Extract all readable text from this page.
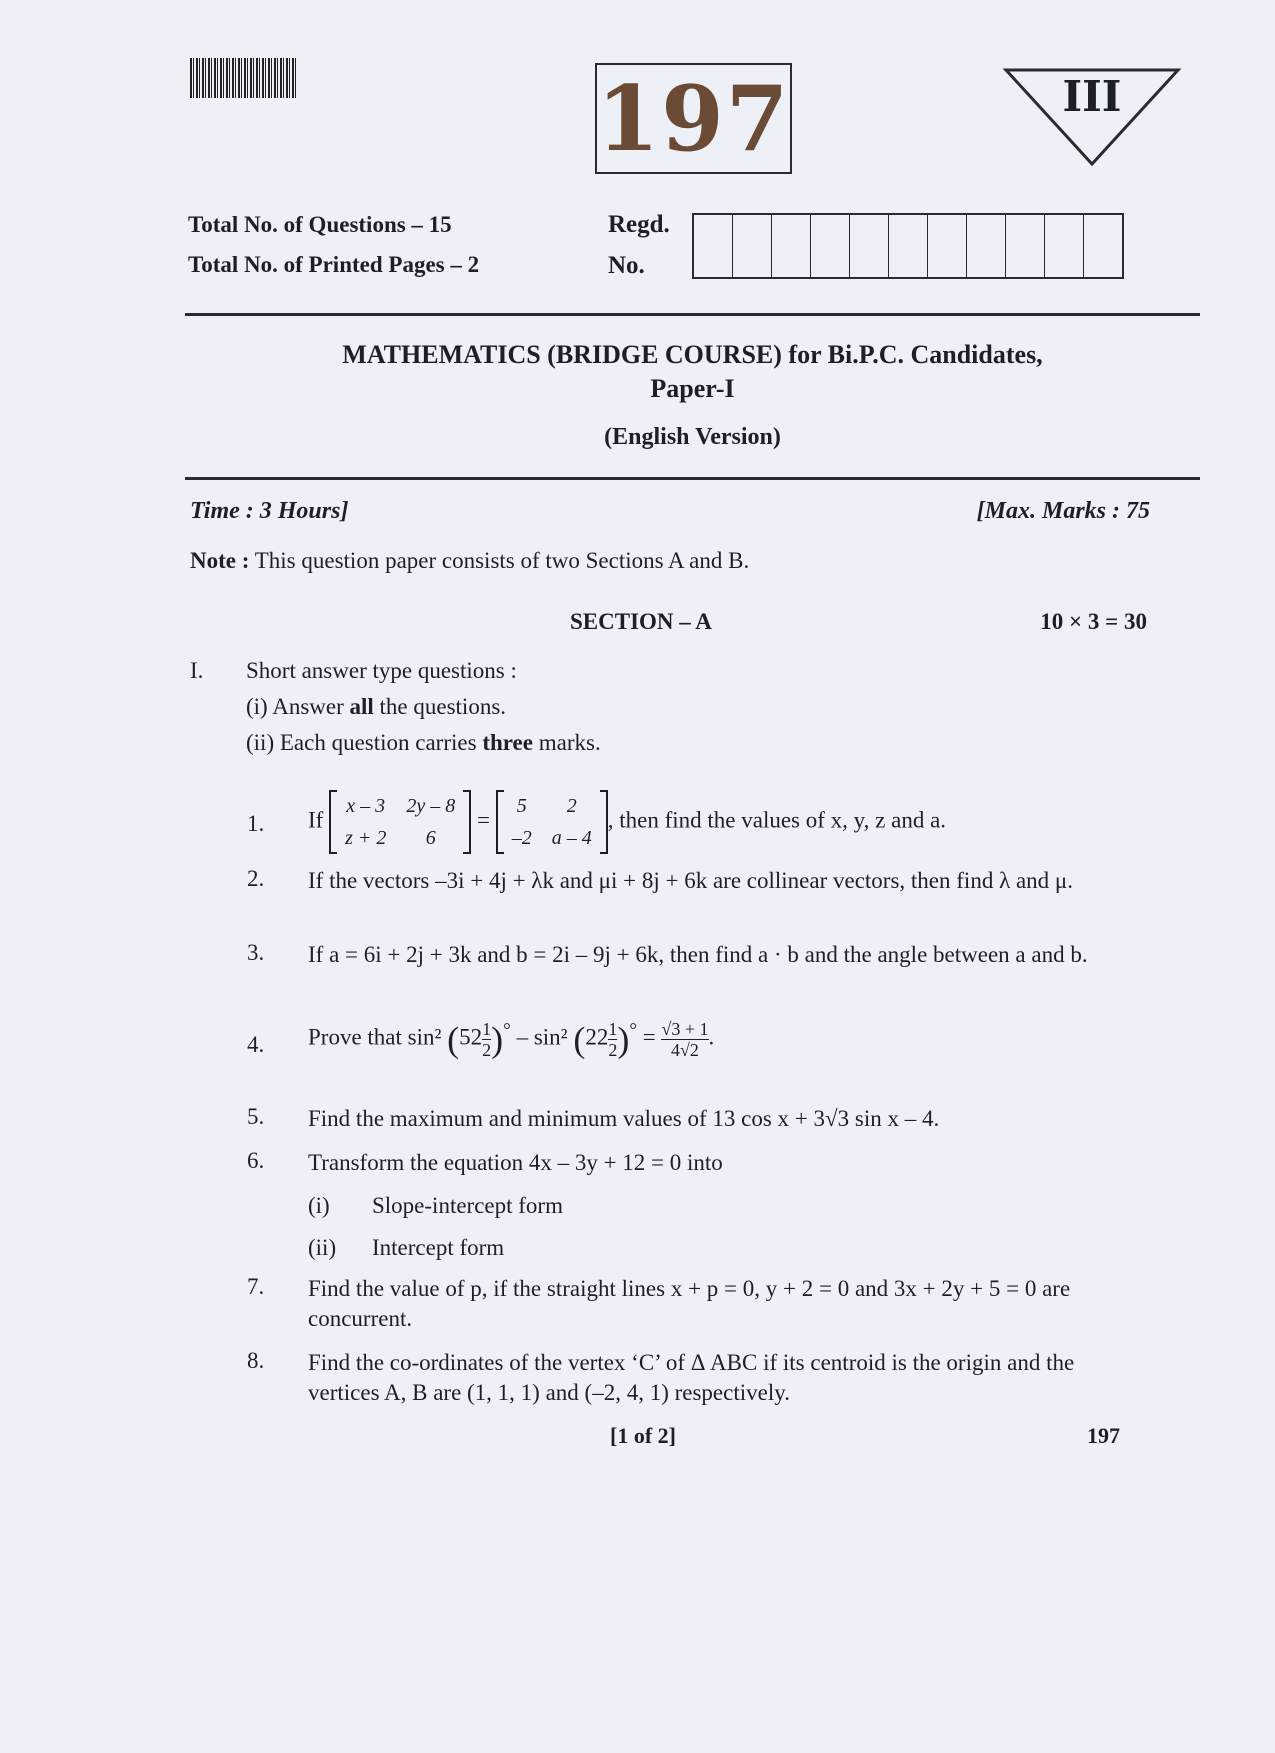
197	III
Total No. of Questions – 15
Total No. of Printed Pages – 2
Regd.
No.
MATHEMATICS (BRIDGE COURSE) for Bi.P.C. Candidates,
Paper-I
(English Version)
Time : 3 Hours]	[Max. Marks : 75
Note : This question paper consists of two Sections A and B.
SECTION – A	10 × 3 = 30
I. Short answer type questions :
(i) Answer all the questions.
(ii) Each question carries three marks.
1. If
x – 3	2y – 8
z + 2	6
=
5	2
–2	a – 4
, then find the values of x, y, z and a.
2. If the vectors –3i + 4j + λk and μi + 8j + 6k are collinear vectors, then find λ and μ.
3. If a = 6i + 2j + 3k and b = 2i – 9j + 6k, then find a · b and the angle between a and b.
4. Prove that sin² $(52 \frac{1}{2} )^\circ - \sin^2$ $(22 \frac{1}{2} )^\circ = \frac{√3 + 1}{4√2}$ .
5. Find the maximum and minimum values of 13 cos x + 3√3 sin x – 4.
6. Transform the equation 4x – 3y + 12 = 0 into
(i) Slope-intercept form
(ii) Intercept form
7. Find the value of p, if the straight lines x + p = 0, y + 2 = 0 and 3x + 2y + 5 = 0 are concurrent.
8. Find the co-ordinates of the vertex ‘C’ of Δ ABC if its centroid is the origin and the vertices A, B are (1, 1, 1) and (–2, 4, 1) respectively.
[1 of 2]	197
